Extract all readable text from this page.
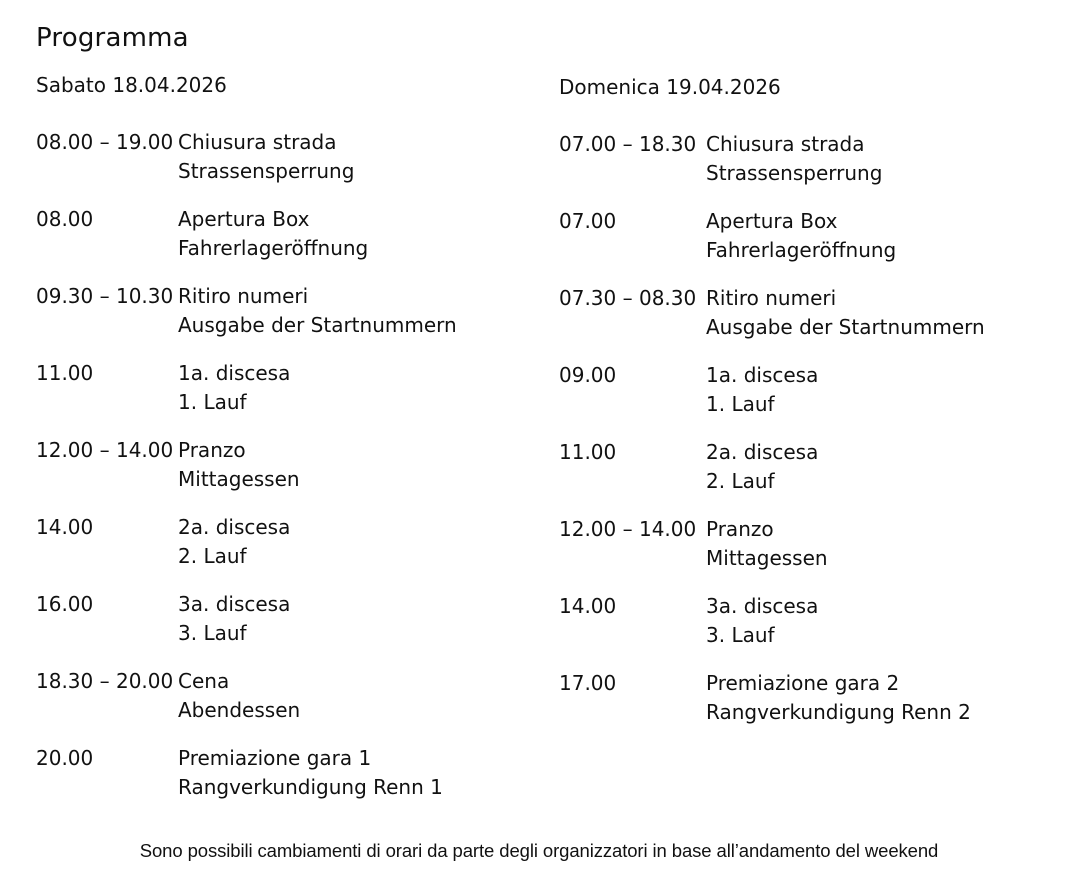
Programma
Sabato 18.04.2026
08.00 – 19.00 Chiusura strada
Strassensperrung
08.00	Apertura Box
Fahrerlageröffnung
09.30 – 10.30 Ritiro numeri
Ausgabe der Startnummern
11.00	1a. discesa
1. Lauf
12.00 – 14.00 Pranzo
Mittagessen
14.00	2a. discesa
2. Lauf
16.00	3a. discesa
3. Lauf
18.30 – 20.00 Cena
Abendessen
20.00	Premiazione gara 1
Rangverkundigung Renn 1
Domenica 19.04.2026
07.00 – 18.30 Chiusura strada
Strassensperrung
07.00	Apertura Box
Fahrerlageröffnung
07.30 – 08.30 Ritiro numeri
Ausgabe der Startnummern
09.00	1a. discesa
1. Lauf
11.00	2a. discesa
2. Lauf
12.00 – 14.00 Pranzo
Mittagessen
14.00	3a. discesa
3. Lauf
17.00	Premiazione gara 2
Rangverkundigung Renn 2
Sono possibili cambiamenti di orari da parte degli organizzatori in base all’andamento del weekend
